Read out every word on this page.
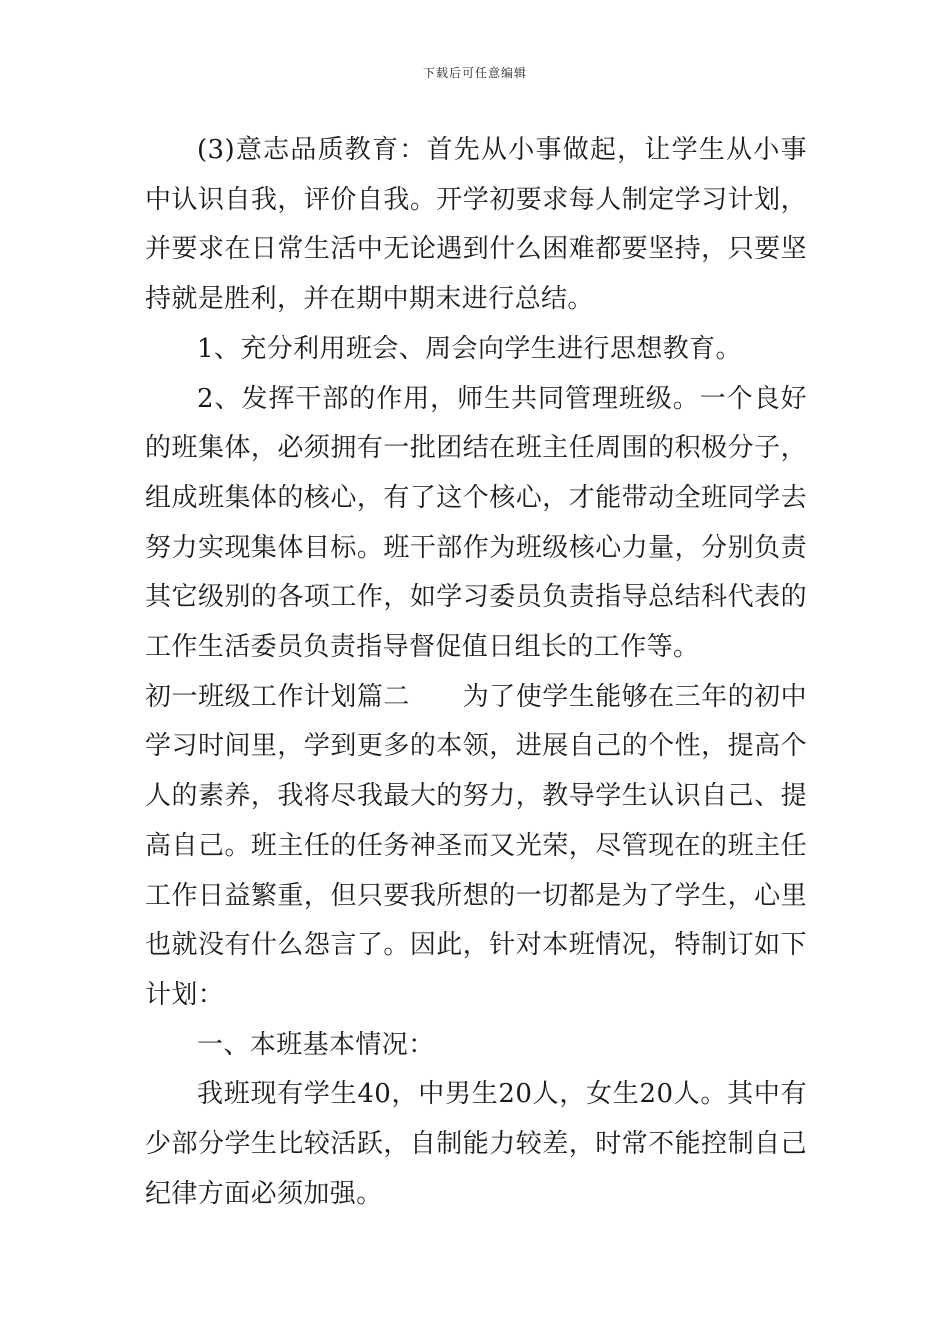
下载后可任意编辑

(3)意志品质教育：首先从小事做起，让学生从小事中认识自我，评价自我。开学初要求每人制定学习计划，并要求在日常生活中无论遇到什么困难都要坚持，只要坚持就是胜利，并在期中期末进行总结。

1、充分利用班会、周会向学生进行思想教育。

2、发挥干部的作用，师生共同管理班级。一个良好的班集体，必须拥有一批团结在班主任周围的积极分子，组成班集体的核心，有了这个核心，才能带动全班同学去努力实现集体目标。班干部作为班级核心力量，分别负责其它级别的各项工作，如学习委员负责指导总结科代表的工作生活委员负责指导督促值日组长的工作等。

初一班级工作计划篇二　　为了使学生能够在三年的初中学习时间里，学到更多的本领，进展自己的个性，提高个人的素养，我将尽我最大的努力，教导学生认识自己、提高自己。班主任的任务神圣而又光荣，尽管现在的班主任工作日益繁重，但只要我所想的一切都是为了学生，心里也就没有什么怨言了。因此，针对本班情况，特制订如下计划：

一、本班基本情况：

我班现有学生40，中男生20人，女生20人。其中有少部分学生比较活跃，自制能力较差，时常不能控制自己纪律方面必须加强。
